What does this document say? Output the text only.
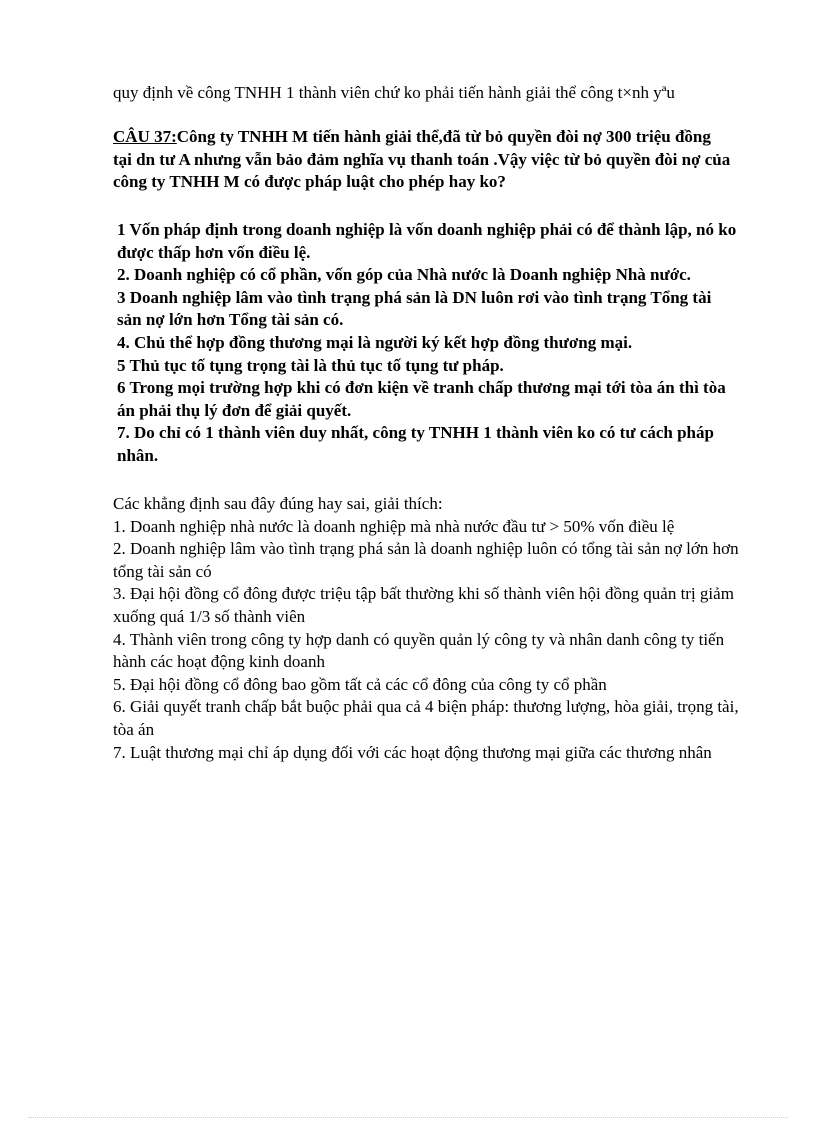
quy định về công TNHH 1 thành viên chứ ko phải tiến hành giải thể công t×nh yªu
CÂU 37:Công ty TNHH M tiến hành giải thể,đã từ bỏ quyền đòi nợ 300 triệu đồng tại dn tư A nhưng vẫn bảo đảm nghĩa vụ thanh toán .Vậy việc từ bỏ quyền đòi nợ của công ty TNHH M có được pháp luật cho phép hay ko?

1 Vốn pháp định trong doanh nghiệp là vốn doanh nghiệp phải có để thành lập, nó ko được thấp hơn vốn điều lệ.

2. Doanh nghiệp có cổ phần, vốn góp của Nhà nước là Doanh nghiệp Nhà nước.

3 Doanh nghiệp lâm vào tình trạng phá sản là DN luôn rơi vào tình trạng Tổng tài sản nợ lớn hơn Tổng tài sản có.

4. Chủ thể hợp đồng thương mại là người ký kết hợp đồng thương mại.

5 Thủ tục tố tụng trọng tài là thủ tục tố tụng tư pháp.

6 Trong mọi trường hợp khi có đơn kiện về tranh chấp thương mại tới tòa án thì tòa án phải thụ lý đơn để giải quyết.

7. Do chỉ có 1 thành viên duy nhất, công ty TNHH 1 thành viên ko có tư cách pháp nhân.

Các khẳng định sau đây đúng hay sai, giải thích:

1. Doanh nghiệp nhà nước là doanh nghiệp mà nhà nước đầu tư > 50% vốn điều lệ

2. Doanh nghiệp lâm vào tình trạng phá sản là doanh nghiệp luôn có tổng tài sản nợ lớn hơn tổng tài sản có

3. Đại hội đồng cổ đông được triệu tập bất thường khi số thành viên hội đồng quản trị giảm xuống quá 1/3 số thành viên

4. Thành viên trong công ty hợp danh có quyền quản lý công ty và nhân danh công ty tiến hành các hoạt động kinh doanh

5. Đại hội đồng cổ đông bao gồm tất cả các cổ đông của công ty cổ phần

6. Giải quyết tranh chấp bắt buộc phải qua cả 4 biện pháp: thương lượng, hòa giải, trọng tài, tòa án

7. Luật thương mại chỉ áp dụng đối với các hoạt động thương mại giữa các thương nhân
